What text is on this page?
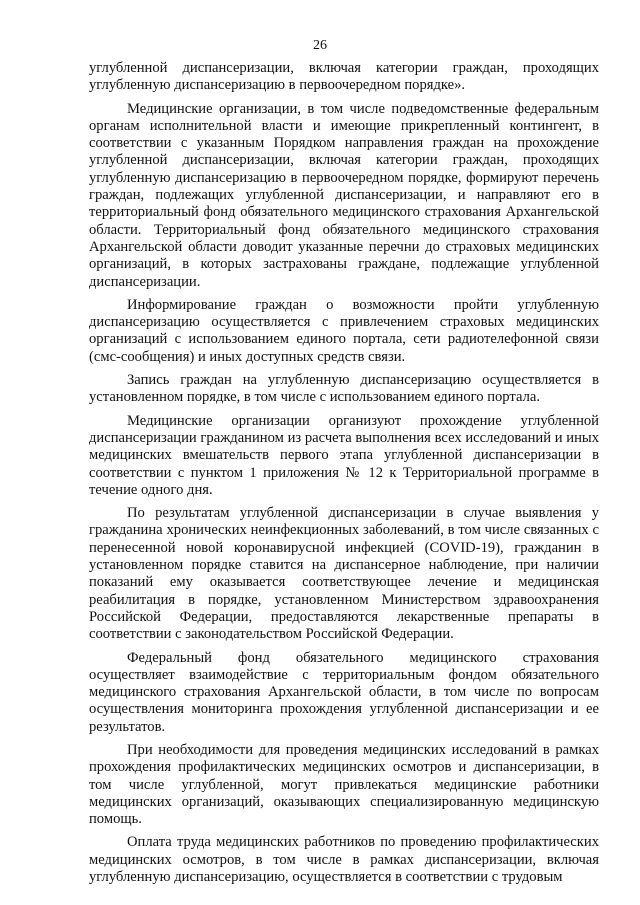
26

углубленной диспансеризации, включая категории граждан, проходящих углубленную диспансеризацию в первоочередном порядке».

Медицинские организации, в том числе подведомственные федеральным органам исполнительной власти и имеющие прикрепленный контингент, в соответствии с указанным Порядком направления граждан на прохождение углубленной диспансеризации, включая категории граждан, проходящих углубленную диспансеризацию в первоочередном порядке, формируют перечень граждан, подлежащих углубленной диспансеризации, и направляют его в территориальный фонд обязательного медицинского страхования Архангельской области. Территориальный фонд обязательного медицинского страхования Архангельской области доводит указанные перечни до страховых медицинских организаций, в которых застрахованы граждане, подлежащие углубленной диспансеризации.

Информирование граждан о возможности пройти углубленную диспансеризацию осуществляется с привлечением страховых медицинских организаций с использованием единого портала, сети радиотелефонной связи (смс-сообщения) и иных доступных средств связи.

Запись граждан на углубленную диспансеризацию осуществляется в установленном порядке, в том числе с использованием единого портала.

Медицинские организации организуют прохождение углубленной диспансеризации гражданином из расчета выполнения всех исследований и иных медицинских вмешательств первого этапа углубленной диспансеризации в соответствии с пунктом 1 приложения № 12 к Территориальной программе в течение одного дня.

По результатам углубленной диспансеризации в случае выявления у гражданина хронических неинфекционных заболеваний, в том числе связанных с перенесенной новой коронавирусной инфекцией (COVID-19), гражданин в установленном порядке ставится на диспансерное наблюдение, при наличии показаний ему оказывается соответствующее лечение и медицинская реабилитация в порядке, установленном Министерством здравоохранения Российской Федерации, предоставляются лекарственные препараты в соответствии с законодательством Российской Федерации.

Федеральный фонд обязательного медицинского страхования осуществляет взаимодействие с территориальным фондом обязательного медицинского страхования Архангельской области, в том числе по вопросам осуществления мониторинга прохождения углубленной диспансеризации и ее результатов.

При необходимости для проведения медицинских исследований в рамках прохождения профилактических медицинских осмотров и диспансеризации, в том числе углубленной, могут привлекаться медицинские работники медицинских организаций, оказывающих специализированную медицинскую помощь.

Оплата труда медицинских работников по проведению профилактических медицинских осмотров, в том числе в рамках диспансеризации, включая углубленную диспансеризацию, осуществляется в соответствии с трудовым
